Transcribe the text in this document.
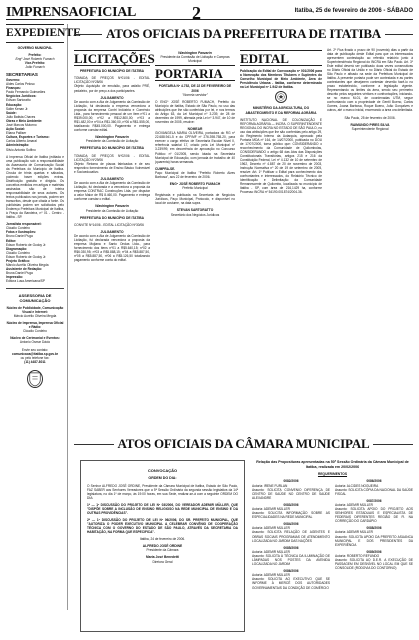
IMPRENSAOFICIAL	2	Itatiba, 25 de fevereiro de 2006 - SÁBADO
EXPEDIENTE
GOVERNO MUNICIPAL
Prefeito:
Engº José Roberto Fumach
Vice-Prefeito:
João Fumach
SECRETARIAS
Governo:
Aldes Carlos Peloso
Finanças:
Paulo Fernando Guimarães
Negócios Jurídicos:
Edivan Sartoratto
Educação:
Sálim Kenan Jr.
Saúde:
João Batista Chaves
Obras e Meio Ambiente:
José Marcos Mutorno
Ação Social:
Eliana Palliser
Cultura, Esportes e Turismo:
Carlos Alberto Amaral
Administração:
Silvio Antonio Solfino
A Imprensa Oficial de Itatiba (editada e uma publicação sob a responsabilidade da Assessoria de Comunicação Social da Prefeitura do Município de Itatiba. Circula de trinta quartas e sábados, podendo haver edições extras. Distribuição gratuita e dirigida. Os conceitos emitidos em artigos e matérias assinadas são de inteira responsabilidade de seus autores. Os textos publicados nos jornais, podem ser transcritos, desde que citada a fonte. Os publicistas podem ser solicitados pelo Endereço Prefeitura Municipal de Itatiba, à Praça da Bandeira, nº 01 - Centro - Itatiba - SP.
Jornalista responsável:
Cláudio Cordeiro
Fotos e Ilustrações:
Bruno Daniel Puga
Editor:
Edson Roberto de Godoy Jr.
Diagramação:
Cláudio Cordeiro
Edson Roberto de Godoy Jr.
Projeto Gráfico:
Márcio Aurélio Oliveira Megda
Assistente de Redação:
Bruna Daniel Puga
Impressão:
Editora Lusa Americana/SP
ASSESSORIA DE COMUNICAÇÃO
Núcleo de Publicidade, Comunicação Visual e Internet:
Márcio Aurélio Oliveira Megda
Núcleo de Imprensa, Imprensa Oficial e Rádio:
Cláudio Cordeiro
Núcleo de Cerimonial e Eventos:
Antonio Osmar Dácio
Envie seu contato:
comunicaoa@itatiba.sp.gov.br
ou pelo telefone fax:
(11) 4487-8011
ATOS OFICIAIS DA PREFEITURA DE ITATIBA
LICITAÇÕES
PREFEITURA DO MUNICÍPIO DE ITATIBA
TOMADA DE PREÇOS Nº01/06 - EDITAL LICITAÇÃO Nº28/06
Objeto: Aquisição de emulsão, para asfalto PRÉ, pedaleiro, por de preço a dos participantes.
JULGAMENTO
De acordo com a Ata de Julgamento da Comissão de Licitação, fui declarada a empresa vencedora a proposta da empresa Contri Indústria e Comércio Ltda., para fornecimento pessoal de um item nº01 a R$39.000,00; nº02 a R$12.800,00; nº03 a R$1.482,00 e nº04 a R$1.360,00, nº06 a R$1.555,00, totalizando R$45.000,00. Pagamento e entrega conforme constar edital.
Washington Panzarin
Presidente da Comissão de Licitação
PREFEITURA DO MUNICÍPIO DE ITATIBA
TOMADA DE PREÇOS Nº02/06 - EDITAL LICITAÇÃO Nº29/06
Objeto: Retoma de placas fabricadas e de seu respectivo fornecimento de Ensino Básico Vulnerável e Socioeducativo.
JULGAMENTO
De acordo com a Ata de Julgamento da Comissão de Licitação, fui declarada e a vencedora a proposta da empresa CONTRAC Construções Ltda. por disputar a valor Maior de R$ 8.460,00. Pagamento e entrega conforme constar o edital.
Washington Panzarin
Presidente da Comissão de Licitação
PREFEITURA DO MUNICÍPIO DE ITATIBA
CONVITE Nº14/06 - EDITAL LICITAÇÃO Nº30/06
JULGAMENTO
De acordo com a Ata de Julgamento da Comissão de Licitação, fui declarada vencedora a proposta da empresa Mojiana e Santo Ondas Ltda., para fornecimento dos itens nº01 a R$5.640,15; nº02 a R$6.030,95; nº03 a R$5.888,15; nº04 a R$5.887,50, nº05 a R$5.887,50, nº06 a R$5.126,50 totalizando pagamento conforme conta do edital.
Washington Panzarin
Presidente da Comissão de Licitação e Compras Municipal
PORTARIA
PORTARIA Nº 4.752, DE 22 DE FEVEREIRO DE 2006
"Nomeia servidor"
O ENGº JOSÉ ROBERTO FUMACH, Prefeito do Município de Itatiba, Estado de São Paulo, no uso das atribuições que lhe são conferidas por lei, e nos termos do Artigo 63, da Lei Municipal nº 3.239, de 28 de dezembro de 1999, alterada pela Lei nº 3.947, de 10 de novembro de 2005, resolve:
NOMEAR
GIOVANGELA MARIA OLIVEIRA, portadora do RG nº 22.688.941-5 e do CPF/MF nº 276.398.758-20, para exercer o cargo efetivo de Secretaria Escolar Nível II, referência salarial 17, criado pela Lei Municipal nº 3.239/99, em decorrência de aprovação no Concurso Público nº 01/2005, sendo lotada na Secretaria Municipal de Educação, com jornada de trabalho de 40 (quarenta) horas semanais.
CUMPRA-SE.
Paço Municipal de Itatiba "Prefeito Roberto Alves Barbosa", aos 22 de fevereiro de 2006.
ENGº JOSÉ ROBERTO FUMACH
Prefeito Municipal
Registrada e publicada na Secretaria de Negócios Jurídicos, Paço Municipal, Protocolo, e disponível no local de costume, na data supra.
STEVAN SARTORATTO
Secretário dos Negócios Jurídicos
EDITAL
Publicação do Edital de Convocação nº 001/2006 para a Nomeação dos Membros Titulares e Suplentes do Conselho Municipal de Meio Ambiente, Área de Presidência Urbana - Itatiba, conforme determinado na Lei Municipal nº 1.942 de Itatiba.
MINISTÉRIO DA AGRICULTURA, DO ABASTECIMENTO E DA REFORMA AGRÁRIA
INSTITUTO NACIONAL DE COLONIZAÇÃO E REFORMA AGRÁRIA — INCRA. O SUPERINTENDENTE REGIONAL DO INCRA NO ESTADO DE SÃO PAULO, no uso das atribuições que lhe são conferidas pelo artigo 29, do Regimento Interno da Autarquia, aprovado pela Portaria MDA nº 164, de 14/07/2000, publicada no DOU de 17/07/2000, torna público que: CONSIDERANDO o reconhecimento da Comunidade de Quilombolas, CONSIDERANDO o artigo 68 das Atos das Disposições Constitucionais Transitórias, artigos 215 e 216 da Constituição Federal, Lei nº 4.132 de 10 de setembro de 1962, Decreto nº 4.887 de 20 de novembro de 2003, Instrução Normativa nº 20 de 19 de setembro de 2005, resolve: Art. 1º Publicar o Edital para conhecimento dos confrontantes e interessados, do Relatório Técnico de Identificação e Delimitação da Comunidade Remanescente de Quilombo, localizada no município de Itatiba - SP, com área de 216,1429 ha, conforme Processo INCRA nº 54190.001874/2004-36.
Art. 2º Fica fixado o prazo de 90 (noventa) dias a partir da data de publicação deste Edital para que os interessados apresentem contestação ao referido relatório junto à Superintendência Regional do INCRA em São Paulo. Art. 3º Este edital deverá ser publicado duas vezes consecutivas no Diário Oficial da União e no Diário Oficial do Estado de São Paulo e afixado na sede da Prefeitura Municipal de Itatiba. A presente portaria pode ser contestada e as partes contestantes que desejarem contestar deverão fazê-lo no prazo estabelecido, conforme a legislação vigente. Representando os limites da área, sendo seu perímetro descrito pelos seguintes vértices e confrontações, iniciando-se no marco M-01, de coordenadas UTM, segue confrontando com a propriedade de Gentil Bueno, Carlos Gomes, Joana Barbosa, Roque Bueno, João Gonçalves e outros, até o marco inicial, encerrando a área ora delimitada.
São Paulo, 25 de fevereiro de 2006.
RAIMUNDO PIRES SILVA
Superintendente Regional
ATOS OFICIAIS DA CÂMARA MUNICIPAL
CONVOCAÇÃO
ORDEM DO DIA:
O Senhor ALFREDO JOSÉ ORDINE, Presidente da Câmara Municipal de Itatiba, Estado de São Paulo, FAZ SABER aos Senhores Vereadores que a 5ª Sessão Ordinária da segunda sessão legislativa da 14ª legislatura, no dia 1º de março, às 19:00 horas, em sua Sede, realizar-se-á com a seguinte ORDEM DO DIA:
1ª — 1º DISCUSSÃO DO PROJETO DE LEI Nº 03/2006, DO VEREADOR ADEMIR MÜLLER, QUE "DISPÕE SOBRE A INCLUSÃO DE ENSINO RELIGIOSO NA REDE MUNICIPAL DE ENSINO E DÁ OUTRAS PROVIDÊNCIAS".
2ª — 1º DISCUSSÃO DO PROJETO DE LEI Nº 06/2006, DO SR. PREFEITO MUNICIPAL, QUE "AUTORIZA O PODER EXECUTIVO MUNICIPAL A CELEBRAR CONVÊNIO DE COOPERAÇÃO TÉCNICA COM O GOVERNO DO ESTADO DE SÃO PAULO, ATRAVÉS DA SECRETARIA DA HABITAÇÃO, NA FORMA QUE ESPECIFICA".
Itatiba, 24 de fevereiro de 2006.
ALFREDO JOSÉ ORDINE
Presidente da Câmara
Maria José Benedetti
Diretora Geral
Relação das Proposituras apresentadas na 50ª Sessão Ordinária da Câmara Municipal de Itatiba, realizada em 20/02/2006
REQUERIMENTOS
0082/2006
Autoria: IRENE FURLAN
Assunto: SOLICITA CONVENIO DIFERENÇA DE CENTRO DE SAÚDE NO CENTRO DE SAÚDE ALEXANDRE
0083/2006
Autoria: ADEMIR MÜLLER
Assunto: SOLICITA INFORMAÇÃO SOBRE AS ESPECIALIDADES NA REDE MUNICIPAL
0084/2006
Autoria: ADEMIR MÜLLER
Assunto: SOLICITA RELAÇÃO DE AGENTES E OBRAS SOCIAIS PROGRAMAS DE ATENDIMENTO LOCALIZADA NO JARDIM DAS NAÇÕES
0085/2006
Autoria: ADEMIR MÜLLER
Assunto: SOLICITA À TÉCNICA DA ILUMINAÇÃO DE LÂMPADAS NOS POSTES DA AVENIDA LOCALIZADA NO JARDIM
0086/2006
Autoria: ADEMIR MÜLLER
Assunto: SOLICITA AO EXECUTIVO QUE SE INFORME À MERCÊ DOS AUTORIDADES GOVERNAMENTAIS DA CONDIÇÃO DE COMÉRCIO
0086/2006
Autoria: ALCIDES NOGUEIRA
Assunto: SOLICITA CÓPIA DA NACIONAL DA SAÚDE FISCAL
0087/2006
Autoria: ADEMIR MÜLLER
Assunto: SOLICITA APOIO DO PROJETO AOS SENHORES ESTADUAIS E ESPECIALISTA DE FEDERAIS DIFERENTES REGIÃO DE FI. NA CORREÇÃO DO CARDÁPIO
0088/2006
Autoria: ADEMIR MÜLLER
Assunto: SOLICITA APOIO DA PREFEITO ASUANCA MUNICIPAL E DOS PRESIDENTES DA EXPERIÊNCIA
0089/2006
Autoria: ROBERTO REFUNDO
Assunto: SOLICITA AO D.E.R. A EXECUÇÃO DE PASSAGEM EM DESNÍVEL NO LOCAL EM QUE SE CONSOLIDE (RODOVIA DO CONTORNO)
